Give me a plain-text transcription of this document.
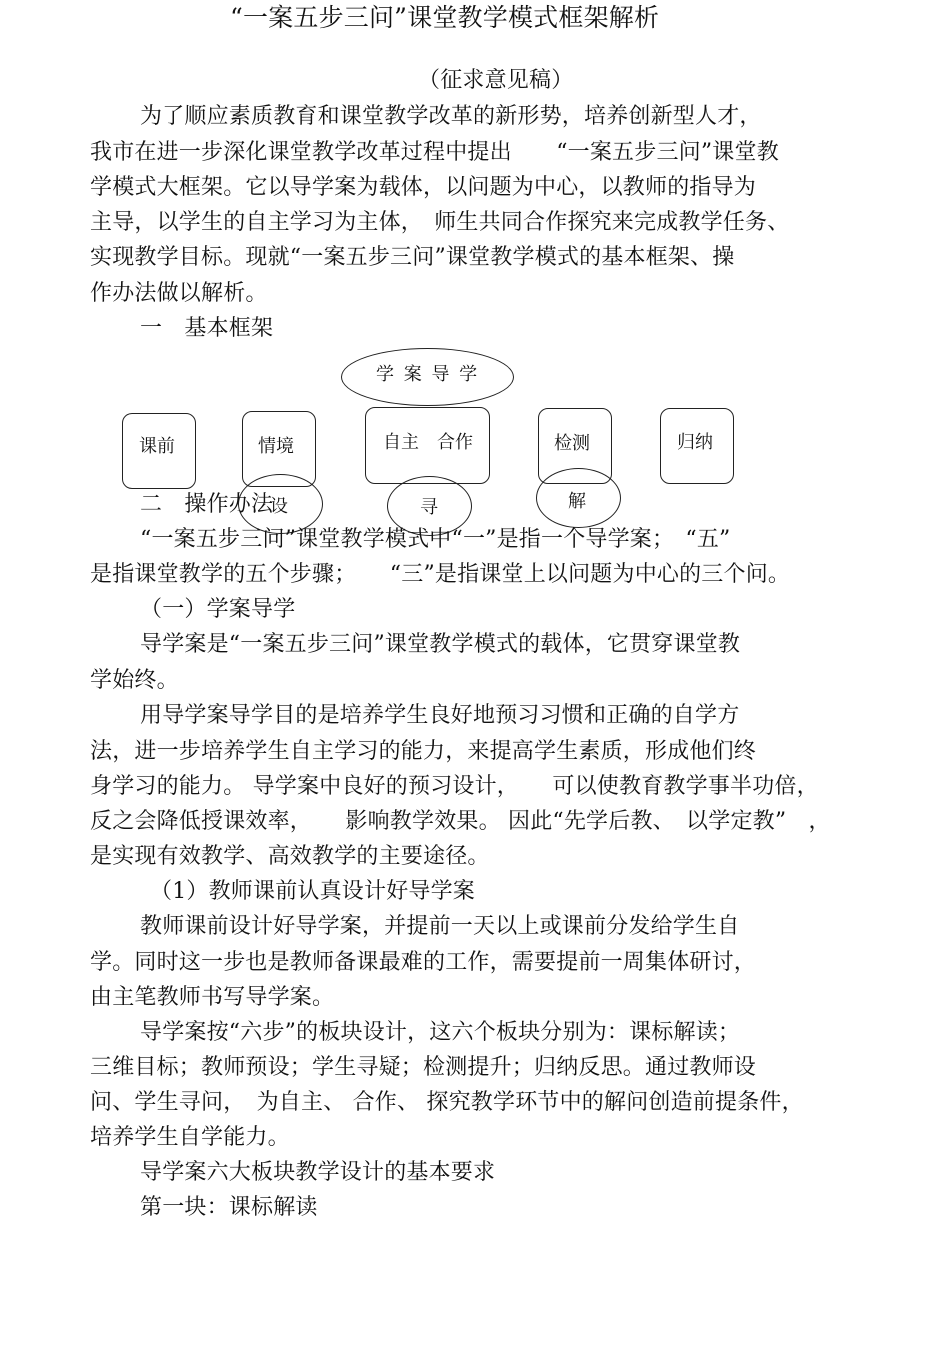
“一案五步三问”课堂教学模式框架解析
（征求意见稿）
为了顺应素质教育和课堂教学改革的新形势，培养创新型人才，
我市在进一步深化课堂教学改革过程中提出　　“一案五步三问”课堂教
学模式大框架。它以导学案为载体，以问题为中心，以教师的指导为
主导，以学生的自主学习为主体，　师生共同合作探究来完成教学任务、
实现教学目标。现就“一案五步三问”课堂教学模式的基本框架、操
作办法做以解析。
一　基本框架
学 案 导 学
课前	情境	自主　合作	检测	归纳
设	寻	解
二　操作办法
“一案五步三问”课堂教学模式中“一”是指一个导学案；　“五”
是指课堂教学的五个步骤；　　“三”是指课堂上以问题为中心的三个问。
（一）学案导学
导学案是“一案五步三问”课堂教学模式的载体，它贯穿课堂教
学始终。
用导学案导学目的是培养学生良好地预习习惯和正确的自学方
法，进一步培养学生自主学习的能力，来提高学生素质，形成他们终
身学习的能力。 导学案中良好的预习设计，　　可以使教育教学事半功倍，
反之会降低授课效率，　　影响教学效果。 因此“先学后教、　以学定教”　，
是实现有效教学、高效教学的主要途径。
（1）教师课前认真设计好导学案
教师课前设计好导学案，并提前一天以上或课前分发给学生自
学。同时这一步也是教师备课最难的工作，需要提前一周集体研讨，
由主笔教师书写导学案。
导学案按“六步”的板块设计，这六个板块分别为：课标解读；
三维目标；教师预设；学生寻疑；检测提升；归纳反思。通过教师设
问、学生寻问，　为自主、 合作、 探究教学环节中的解问创造前提条件，
培养学生自学能力。
导学案六大板块教学设计的基本要求
第一块：课标解读
